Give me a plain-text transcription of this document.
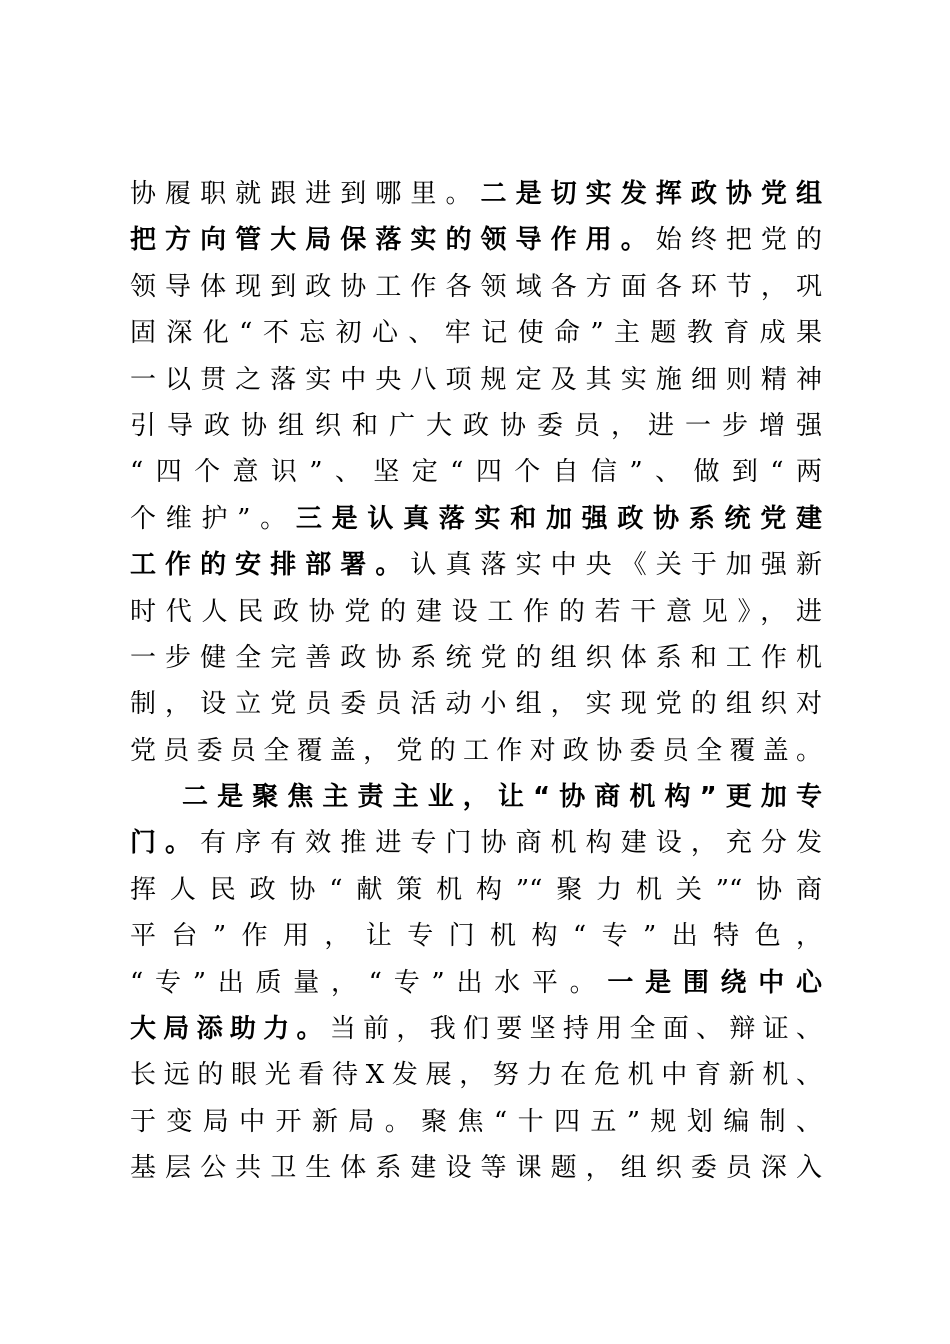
协履职就跟进到哪里。二是切实发挥政协党组
把方向管大局保落实的领导作用。始终把党的
领导体现到政协工作各领域各方面各环节，巩
固深化“不忘初心、牢记使命”主题教育成果
一以贯之落实中央八项规定及其实施细则精神
引导政协组织和广大政协委员，进一步增强
“四个意识”、坚定“四个自信”、做到“两
个维护”。三是认真落实和加强政协系统党建
工作的安排部署。认真落实中央《关于加强新
时代人民政协党的建设工作的若干意见》，进
一步健全完善政协系统党的组织体系和工作机
制，设立党员委员活动小组，实现党的组织对
党员委员全覆盖，党的工作对政协委员全覆盖。
二是聚焦主责主业，让“协商机构”更加专
门。有序有效推进专门协商机构建设，充分发
挥人民政协“献策机构”“聚力机关”“协商
平台”作用，让专门机构“专”出特色，
“专”出质量，“专”出水平。一是围绕中心
大局添助力。当前，我们要坚持用全面、辩证、
长远的眼光看待X发展，努力在危机中育新机、
于变局中开新局。聚焦“十四五”规划编制、
基层公共卫生体系建设等课题，组织委员深入
